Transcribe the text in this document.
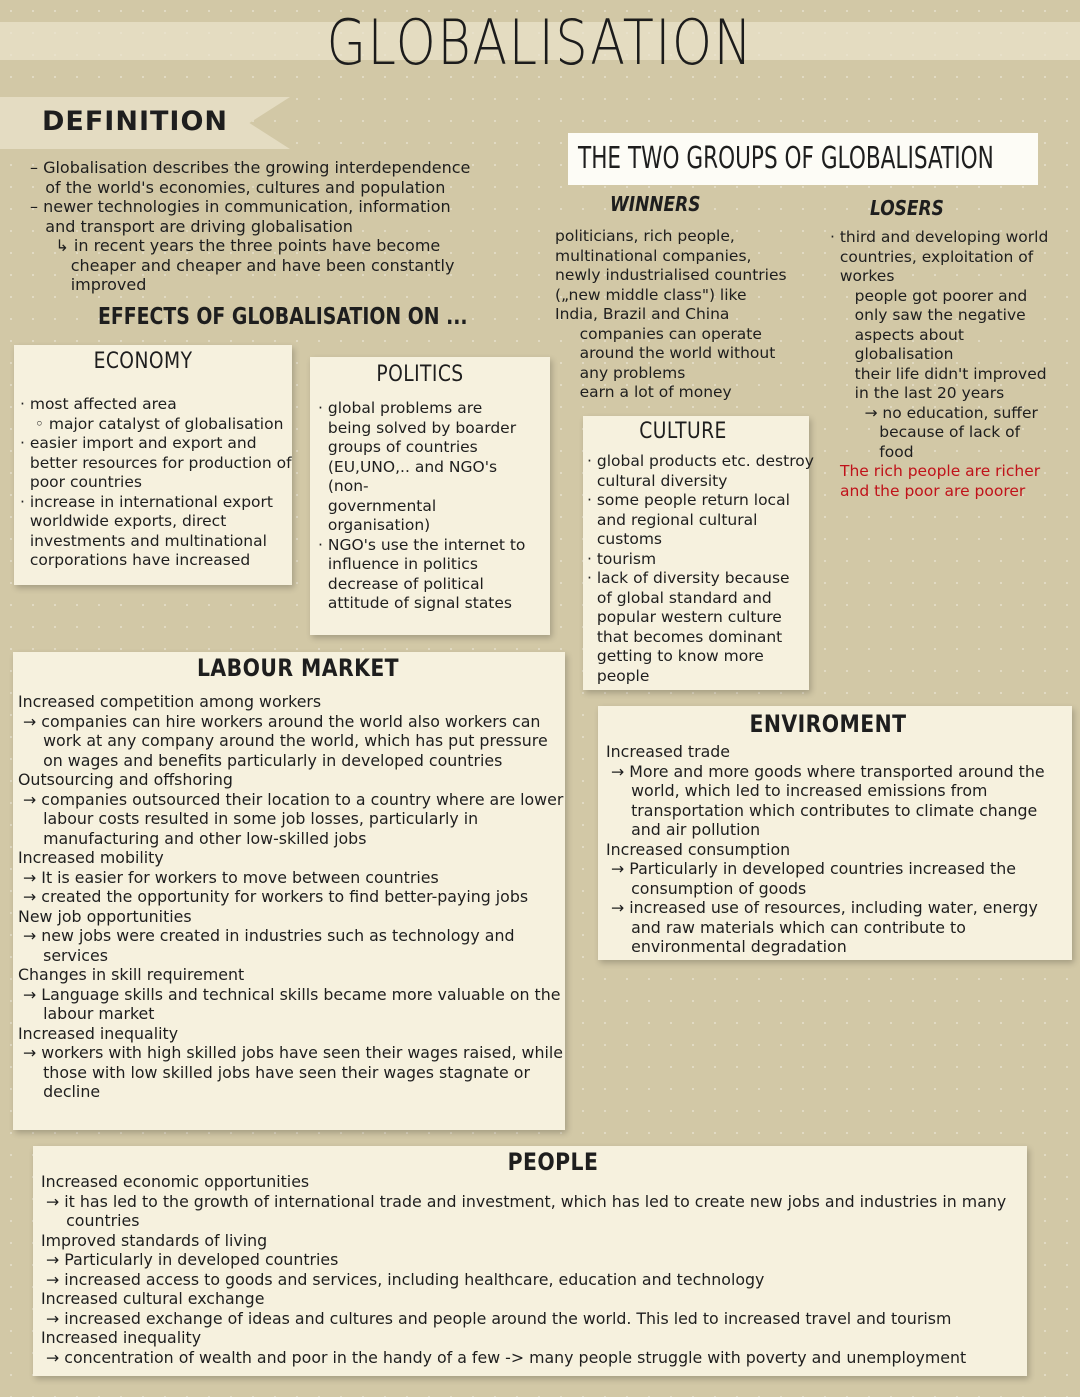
GLOBALISATION
DEFINITION
– Globalisation describes the growing interdependence
of the world's economies, cultures and population
– newer technologies in communication, information
and transport are driving globalisation
↳ in recent years the three points have become
cheaper and cheaper and have been constantly
improved
EFFECTS OF GLOBALISATION ON ...
ECONOMY
· most affected area
◦ major catalyst of globalisation
· easier import and export and
better resources for production of
poor countries
· increase in international export
worldwide exports, direct
investments and multinational
corporations have increased
POLITICS
· global problems are
being solved by boarder
groups of countries
(EU,UNO,.. and NGO's
(non-
governmental
organisation)
· NGO's use the internet to
influence in politics
decrease of political
attitude of signal states
THE TWO GROUPS OF GLOBALISATION
WINNERS
politicians, rich people,
multinational companies,
newly industrialised countries
(„new middle class") like
India, Brazil and China
companies can operate
around the world without
any problems
earn a lot of money
LOSERS
· third and developing world
countries, exploitation of
workes
people got poorer and
only saw the negative
aspects about
globalisation
their life didn't improved
in the last 20 years
→ no education, suffer
because of lack of
food
The rich people are richer
and the poor are poorer
CULTURE
· global products etc. destroy
cultural diversity
· some people return local
and regional cultural
customs
· tourism
· lack of diversity because
of global standard and
popular western culture
that becomes dominant
getting to know more
people
LABOUR MARKET
Increased competition among workers
→ companies can hire workers around the world also workers can
work at any company around the world, which has put pressure
on wages and benefits particularly in developed countries
Outsourcing and offshoring
→ companies outsourced their location to a country where are lower
labour costs resulted in some job losses, particularly in
manufacturing and other low-skilled jobs
Increased mobility
→ It is easier for workers to move between countries
→ created the opportunity for workers to find better-paying jobs
New job opportunities
→ new jobs were created in industries such as technology and
services
Changes in skill requirement
→ Language skills and technical skills became more valuable on the
labour market
Increased inequality
→ workers with high skilled jobs have seen their wages raised, while
those with low skilled jobs have seen their wages stagnate or
decline
ENVIROMENT
Increased trade
→ More and more goods where transported around the
world, which led to increased emissions from
transportation which contributes to climate change
and air pollution
Increased consumption
→ Particularly in developed countries increased the
consumption of goods
→ increased use of resources, including water, energy
and raw materials which can contribute to
environmental degradation
PEOPLE
Increased economic opportunities
→ it has led to the growth of international trade and investment, which has led to create new jobs and industries in many
countries
Improved standards of living
→ Particularly in developed countries
→ increased access to goods and services, including healthcare, education and technology
Increased cultural exchange
→ increased exchange of ideas and cultures and people around the world. This led to increased travel and tourism
Increased inequality
→ concentration of wealth and poor in the handy of a few -> many people struggle with poverty and unemployment
